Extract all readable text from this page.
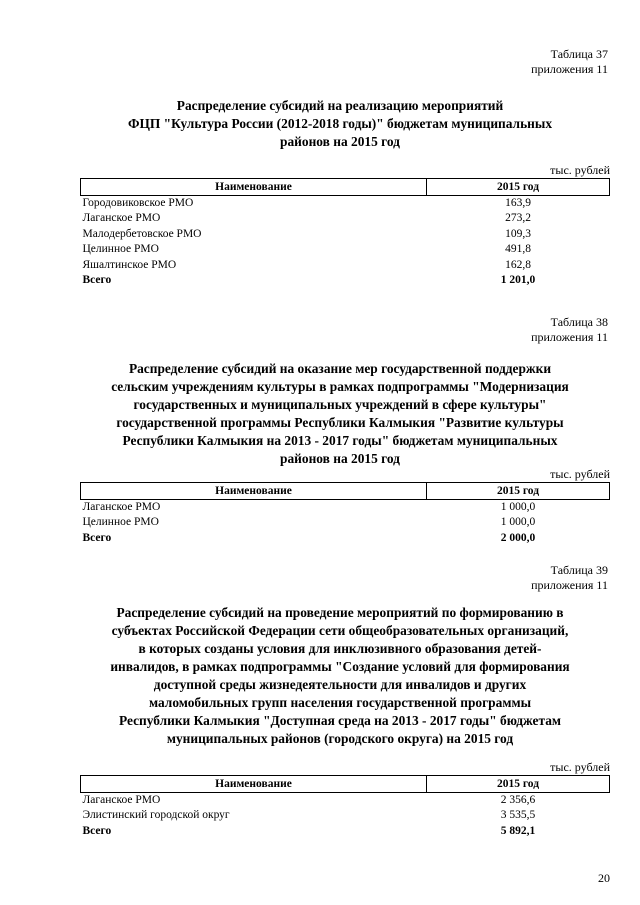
Таблица 37
приложения 11
Распределение субсидий на реализацию мероприятий
ФЦП "Культура России (2012-2018 годы)" бюджетам муниципальных
районов на 2015 год
тыс. рублей
Наименование	2015 год
Городовиковское РМО	163,9
Лаганское РМО	273,2
Малодербетовское РМО	109,3
Целинное РМО	491,8
Яшалтинское РМО	162,8
Всего	1 201,0
Таблица 38
приложения 11
Распределение субсидий на оказание мер государственной поддержки
сельским учреждениям культуры в рамках подпрограммы "Модернизация
государственных и муниципальных учреждений в сфере культуры"
государственной программы Республики Калмыкия "Развитие культуры
Республики Калмыкия на 2013 - 2017 годы" бюджетам муниципальных
районов на 2015 год
тыс. рублей
Наименование	2015 год
Лаганское РМО	1 000,0
Целинное РМО	1 000,0
Всего	2 000,0
Таблица 39
приложения 11
Распределение субсидий на проведение мероприятий по формированию в
субъектах Российской Федерации сети общеобразовательных организаций,
в которых созданы условия для инклюзивного образования детей-
инвалидов, в рамках подпрограммы "Создание условий для формирования
доступной среды жизнедеятельности для инвалидов и других
маломобильных групп населения государственной программы
Республики Калмыкия "Доступная среда на 2013 - 2017 годы" бюджетам
муниципальных районов (городского округа) на 2015 год
тыс. рублей
Наименование	2015 год
Лаганское РМО	2 356,6
Элистинский городской округ	3 535,5
Всего	5 892,1
20
